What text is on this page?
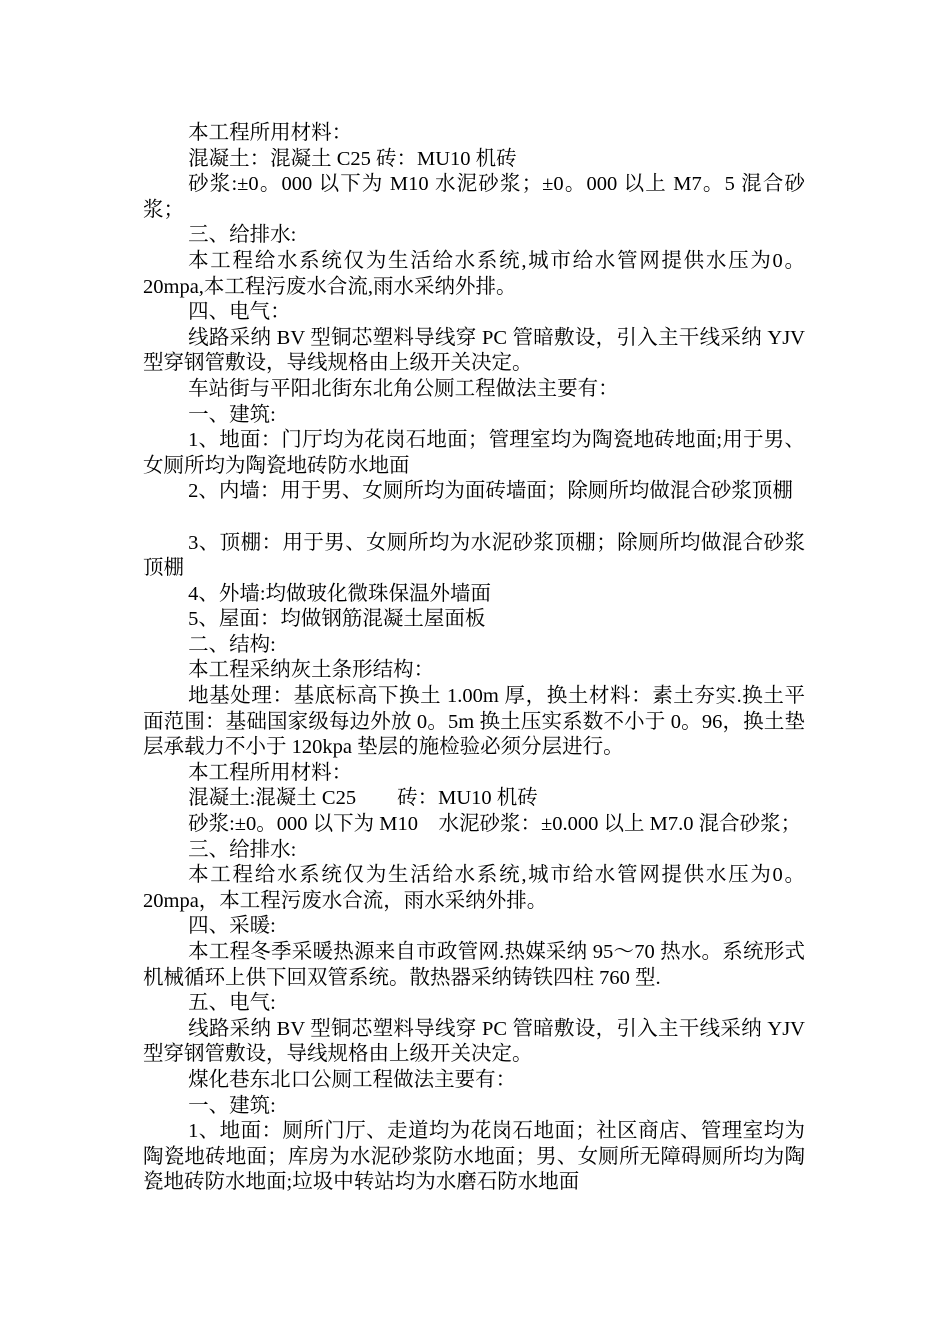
本工程所用材料：

混凝土：混凝土 C25 砖：MU10 机砖

砂浆:±0。000 以下为 M10 水泥砂浆；±0。000 以上 M7。5 混合砂浆；

三、给排水:

本工程给水系统仅为生活给水系统,城市给水管网提供水压为0。20mpa,本工程污废水合流,雨水采纳外排。

四、电气：

线路采纳 BV 型铜芯塑料导线穿 PC 管暗敷设，引入主干线采纳 YJV 型穿钢管敷设，导线规格由上级开关决定。

车站街与平阳北街东北角公厕工程做法主要有：

一、建筑:

1、地面：门厅均为花岗石地面；管理室均为陶瓷地砖地面;用于男、女厕所均为陶瓷地砖防水地面

2、内墙：用于男、女厕所均为面砖墙面；除厕所均做混合砂浆顶棚

3、顶棚：用于男、女厕所均为水泥砂浆顶棚；除厕所均做混合砂浆顶棚

4、外墙:均做玻化微珠保温外墙面

5、屋面：均做钢筋混凝土屋面板

二、结构:

本工程采纳灰土条形结构：

地基处理：基底标高下换土 1.00m 厚，换土材料：素土夯实.换土平面范围：基础国家级每边外放 0。5m 换土压实系数不小于 0。96，换土垫层承载力不小于 120kpa 垫层的施检验必须分层进行。

本工程所用材料：

混凝土:混凝土 C25　　砖：MU10 机砖

砂浆:±0。000 以下为 M10　水泥砂浆：±0.000 以上 M7.0 混合砂浆；

三、给排水:

本工程给水系统仅为生活给水系统,城市给水管网提供水压为0。20mpa，本工程污废水合流，雨水采纳外排。

四、采暖:

本工程冬季采暖热源来自市政管网.热媒采纳 95～70 热水。系统形式机械循环上供下回双管系统。散热器采纳铸铁四柱 760 型.

五、电气:

线路采纳 BV 型铜芯塑料导线穿 PC 管暗敷设，引入主干线采纳 YJV 型穿钢管敷设，导线规格由上级开关决定。

煤化巷东北口公厕工程做法主要有：

一、建筑:

1、地面：厕所门厅、走道均为花岗石地面；社区商店、管理室均为陶瓷地砖地面；库房为水泥砂浆防水地面；男、女厕所无障碍厕所均为陶瓷地砖防水地面;垃圾中转站均为水磨石防水地面
